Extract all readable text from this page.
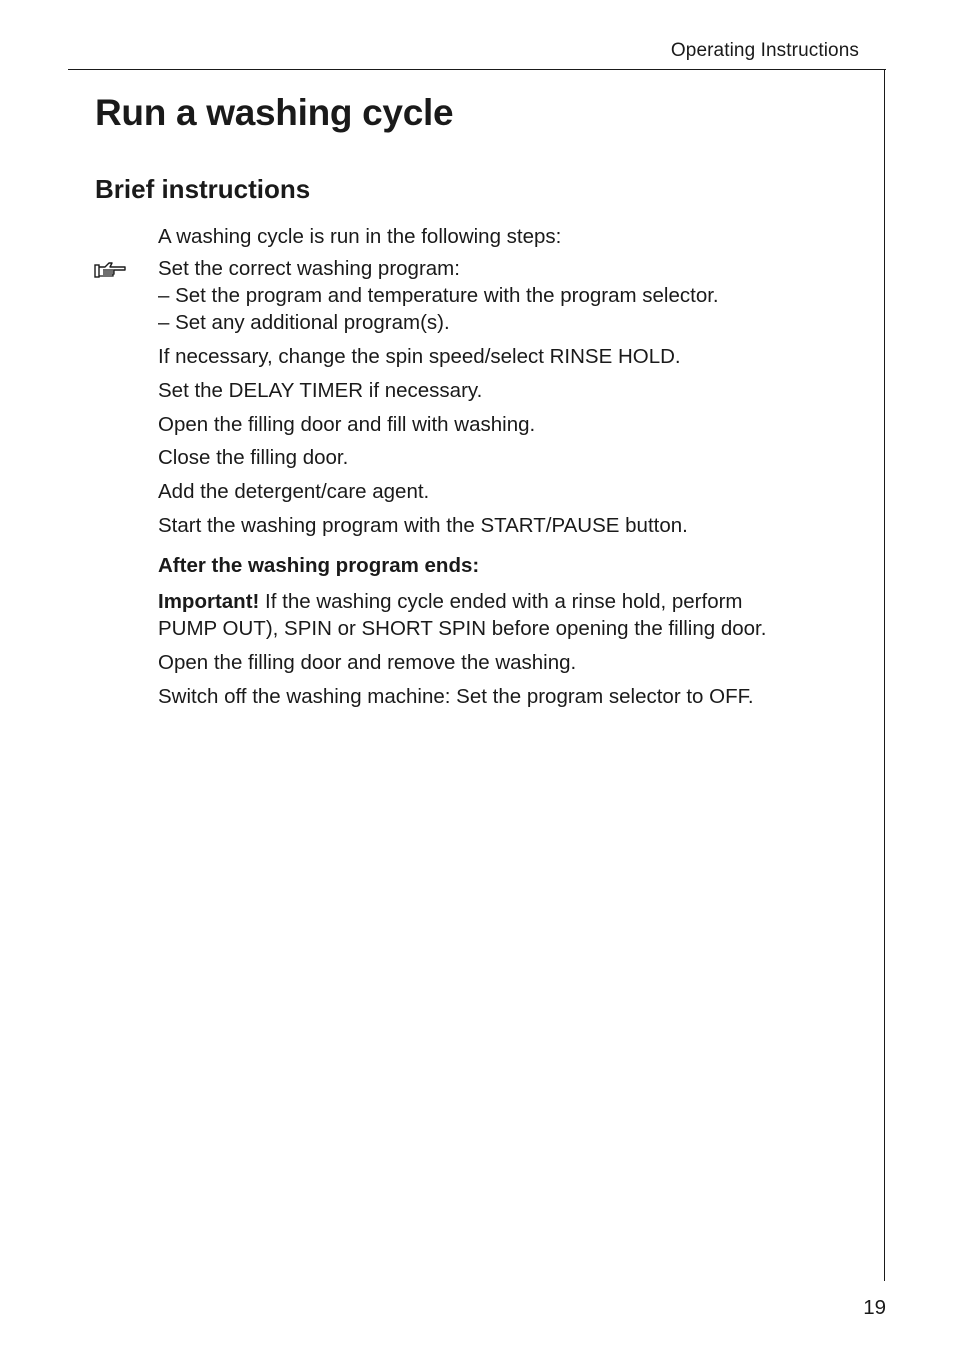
Operating Instructions
Run a washing cycle
Brief instructions
A washing cycle is run in the following steps:
Set the correct washing program:
– Set the program and temperature with the program selector.
– Set any additional program(s).
If necessary, change the spin speed/select RINSE HOLD.
Set the DELAY TIMER if necessary.
Open the filling door and fill with washing.
Close the filling door.
Add the detergent/care agent.
Start the washing program with the START/PAUSE button.
After the washing program ends:
Important! If the washing cycle ended with a rinse hold, perform
PUMP OUT), SPIN or SHORT SPIN before opening the filling door.
Open the filling door and remove the washing.
Switch off the washing machine: Set the program selector to OFF.
19
